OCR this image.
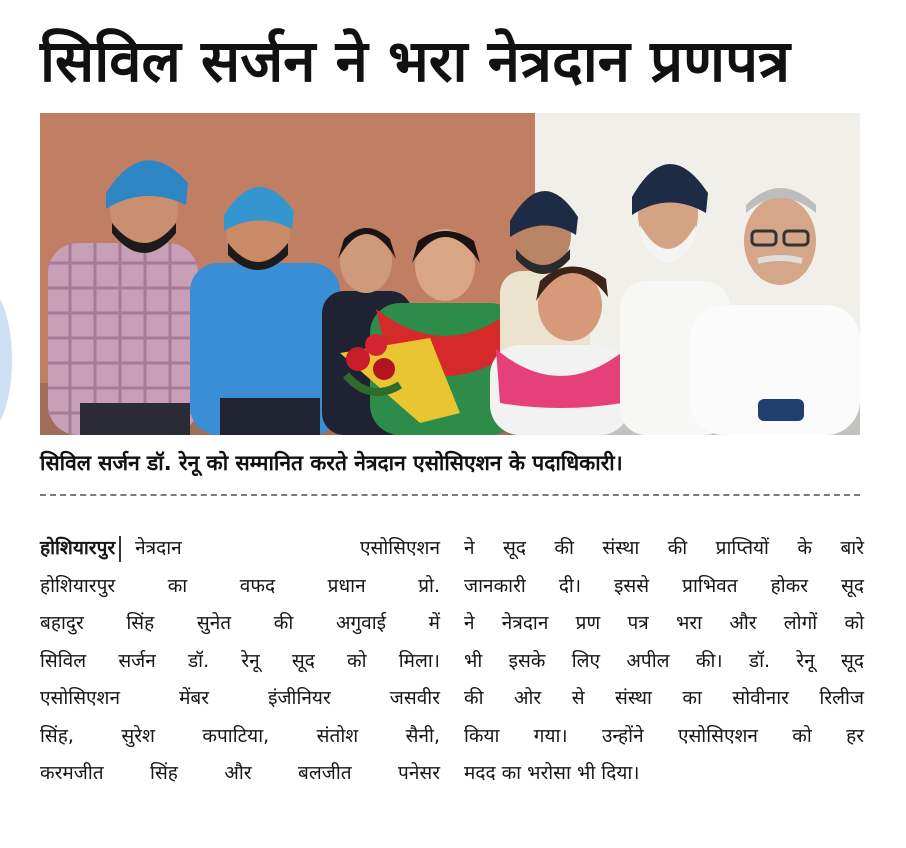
सिविल सर्जन ने भरा नेत्रदान प्रणपत्र
सिविल सर्जन डॉ. रेनू को सम्मानित करते नेत्रदान एसोसिएशन के पदाधिकारी।
होशियारपुर नेत्रदान एसोसिएशन
होशियारपुर का वफद प्रधान प्रो.
बहादुर सिंह सुनेत की अगुवाई में
सिविल सर्जन डॉ. रेनू सूद को मिला।
एसोसिएशन मेंबर इंजीनियर जसवीर
सिंह, सुरेश कपाटिया, संतोश सैनी,
करमजीत सिंह और बलजीत पनेसर
ने सूद की संस्था की प्राप्तियों के बारे
जानकारी दी। इससे प्राभिवत होकर सूद
ने नेत्रदान प्रण पत्र भरा और लोगों को
भी इसके लिए अपील की। डॉ. रेनू सूद
की ओर से संस्था का सोवीनार रिलीज
किया गया। उन्होंने एसोसिएशन को हर
मदद का भरोसा भी दिया।
